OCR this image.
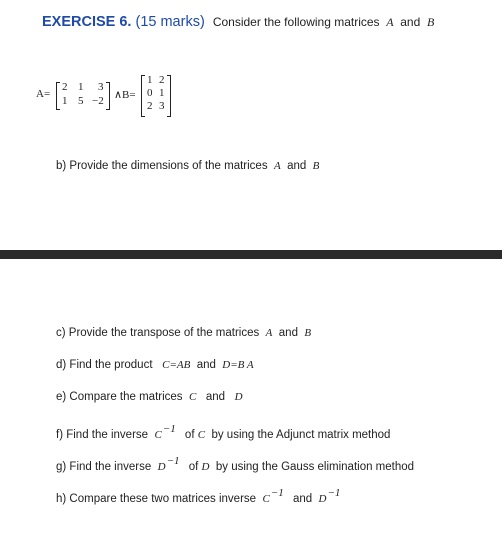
EXERCISE 6. (15 marks) Consider the following matrices A and B
A=
2 1 3
1 5 −2 ∧B=
1 2
0 1
2 3
b) Provide the dimensions of the matrices A and B
c) Provide the transpose of the matrices A and B
d) Find the product C=AB and D=B A
e) Compare the matrices C and D
f) Find the inverse $C^{-1}$ of C by using the Adjunct matrix method
g) Find the inverse $D^{-1}$ of D by using the Gauss elimination method
h) Compare these two matrices inverse $C^{-1}$ and $D^{-1}$
